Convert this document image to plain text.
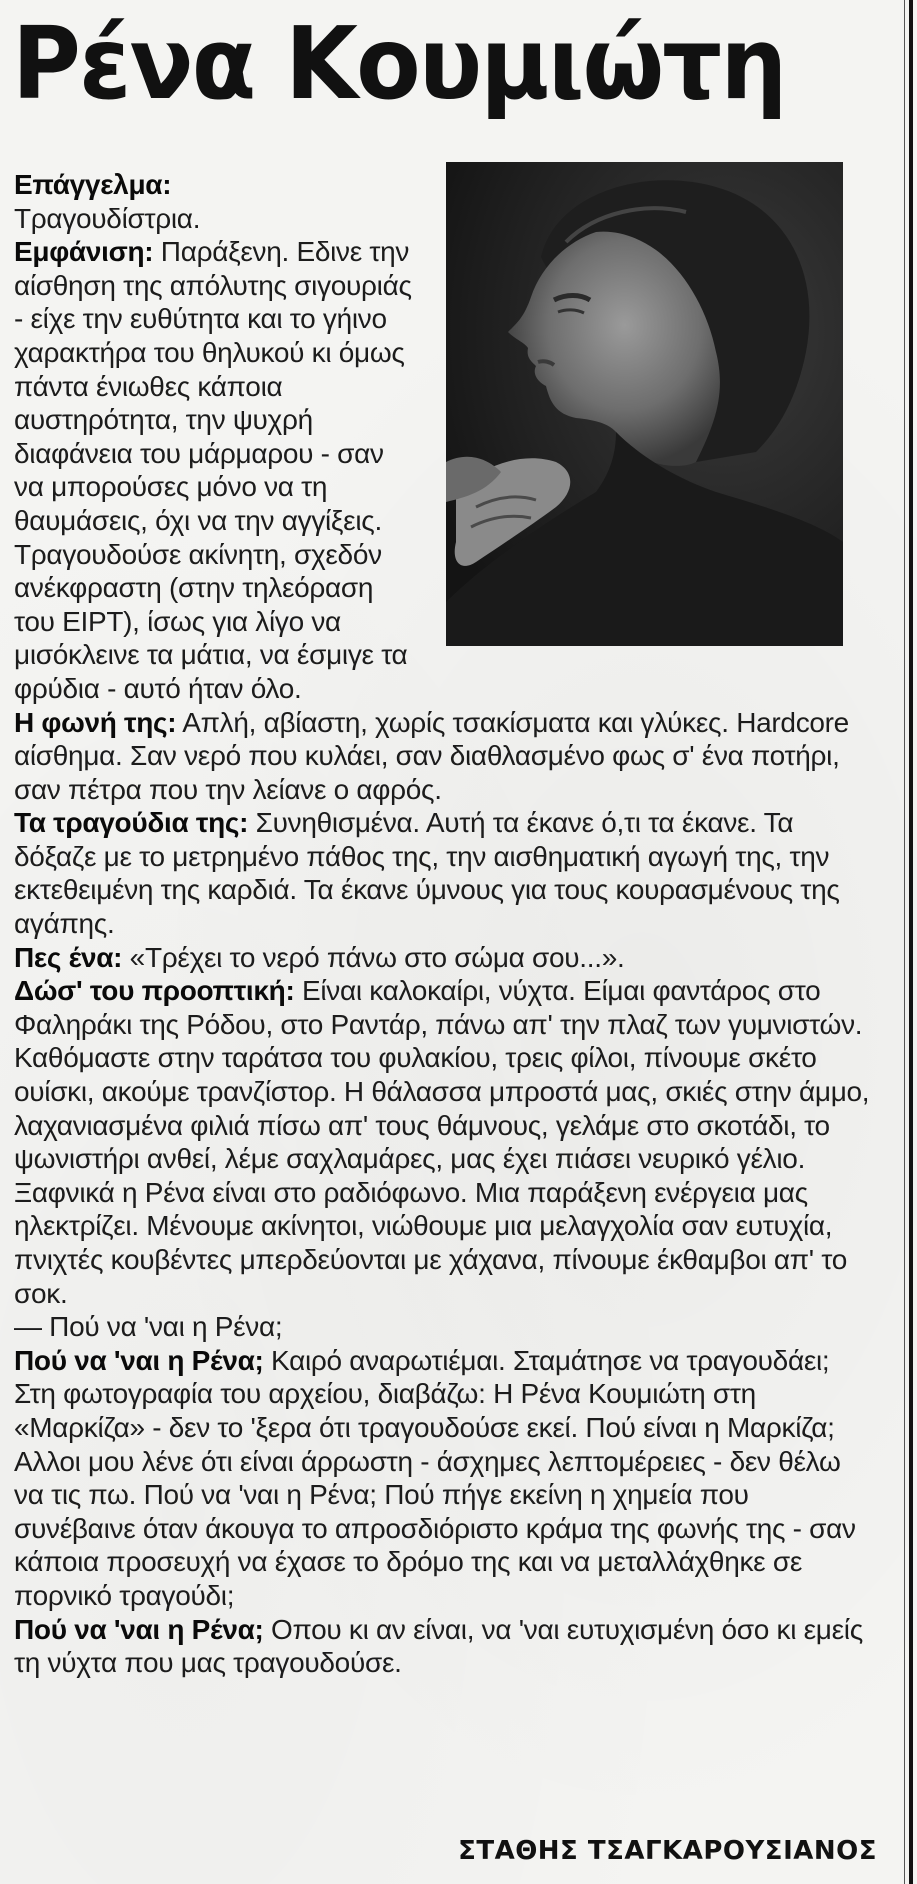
Ρένα Κουμιώτη

Επάγγελμα:
Τραγουδίστρια.

Εμφάνιση: Παράξενη. Εδινε την αίσθηση της απόλυτης σιγουριάς - είχε την ευθύτητα και το γήινο χαρακτήρα του θηλυκού κι όμως πάντα ένιωθες κάποια αυστηρότητα, την ψυχρή διαφάνεια του μάρμαρου - σαν να μπορούσες μόνο να τη θαυμάσεις, όχι να την αγγίξεις. Τραγουδούσε ακίνητη, σχεδόν ανέκφραστη (στην τηλεόραση του ΕΙΡΤ), ίσως για λίγο να μισόκλεινε τα μάτια, να έσμιγε τα φρύδια - αυτό ήταν όλο.

Η φωνή της: Απλή, αβίαστη, χωρίς τσακίσματα και γλύκες. Hardcore αίσθημα. Σαν νερό που κυλάει, σαν διαθλασμένο φως σ' ένα ποτήρι, σαν πέτρα που την λείανε ο αφρός.

Τα τραγούδια της: Συνηθισμένα. Αυτή τα έκανε ό,τι τα έκανε. Τα δόξαζε με το μετρημένο πάθος της, την αισθηματική αγωγή της, την εκτεθειμένη της καρδιά. Τα έκανε ύμνους για τους κουρασμένους της αγάπης.

Πες ένα: «Τρέχει το νερό πάνω στο σώμα σου...».

Δώσ' του προοπτική: Είναι καλοκαίρι, νύχτα. Είμαι φαντάρος στο Φαληράκι της Ρόδου, στο Ραντάρ, πάνω απ' την πλαζ των γυμνιστών. Καθόμαστε στην ταράτσα του φυλακίου, τρεις φίλοι, πίνουμε σκέτο ουίσκι, ακούμε τρανζίστορ. Η θάλασσα μπροστά μας, σκιές στην άμμο, λαχανιασμένα φιλιά πίσω απ' τους θάμνους, γελάμε στο σκοτάδι, το ψωνιστήρι ανθεί, λέμε σαχλαμάρες, μας έχει πιάσει νευρικό γέλιο. Ξαφνικά η Ρένα είναι στο ραδιόφωνο. Μια παράξενη ενέργεια μας ηλεκτρίζει. Μένουμε ακίνητοι, νιώθουμε μια μελαγχολία σαν ευτυχία, πνιχτές κουβέντες μπερδεύονται με χάχανα, πίνουμε έκθαμβοι απ' το σοκ.

— Πού να 'ναι η Ρένα;

Πού να 'ναι η Ρένα; Καιρό αναρωτιέμαι. Σταμάτησε να τραγουδάει; Στη φωτογραφία του αρχείου, διαβάζω: Η Ρένα Κουμιώτη στη «Μαρκίζα» - δεν το 'ξερα ότι τραγουδούσε εκεί. Πού είναι η Μαρκίζα; Αλλοι μου λένε ότι είναι άρρωστη - άσχημες λεπτομέρειες - δεν θέλω να τις πω. Πού να 'ναι η Ρένα; Πού πήγε εκείνη η χημεία που συνέβαινε όταν άκουγα το απροσδιόριστο κράμα της φωνής της - σαν κάποια προσευχή να έχασε το δρόμο της και να μεταλλάχθηκε σε πορνικό τραγούδι;

Πού να 'ναι η Ρένα; Οπου κι αν είναι, να 'ναι ευτυχισμένη όσο κι εμείς τη νύχτα που μας τραγουδούσε.

ΣΤΑΘΗΣ ΤΣΑΓΚΑΡΟΥΣΙΑΝΟΣ
